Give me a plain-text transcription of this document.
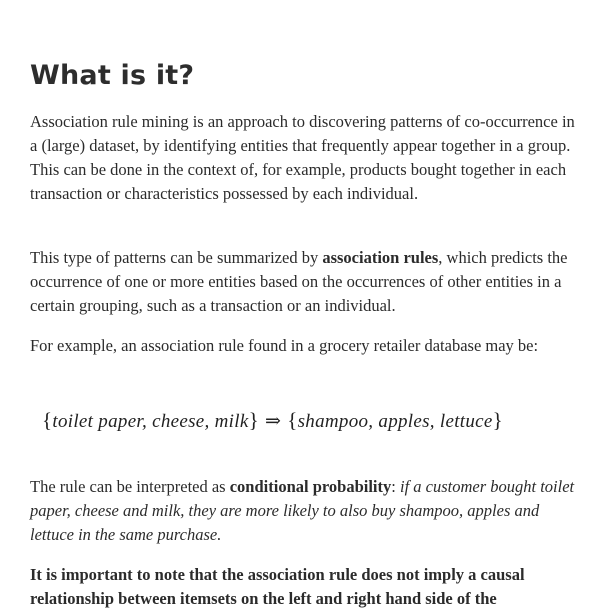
What is it?

Association rule mining is an approach to discovering patterns of co-occurrence in a (large) dataset, by identifying entities that frequently appear together in a group. This can be done in the context of, for example, products bought together in each transaction or characteristics possessed by each individual.

This type of patterns can be summarized by association rules, which predicts the occurrence of one or more entities based on the occurrences of other entities in a certain grouping, such as a transaction or an individual.

For example, an association rule found in a grocery retailer database may be:

{toilet paper, cheese, milk} ⇒ {shampoo, apples, lettuce}

The rule can be interpreted as conditional probability: if a customer bought toilet paper, cheese and milk, they are more likely to also buy shampoo, apples and lettuce in the same purchase.

It is important to note that the association rule does not imply a causal relationship between itemsets on the left and right hand side of the
